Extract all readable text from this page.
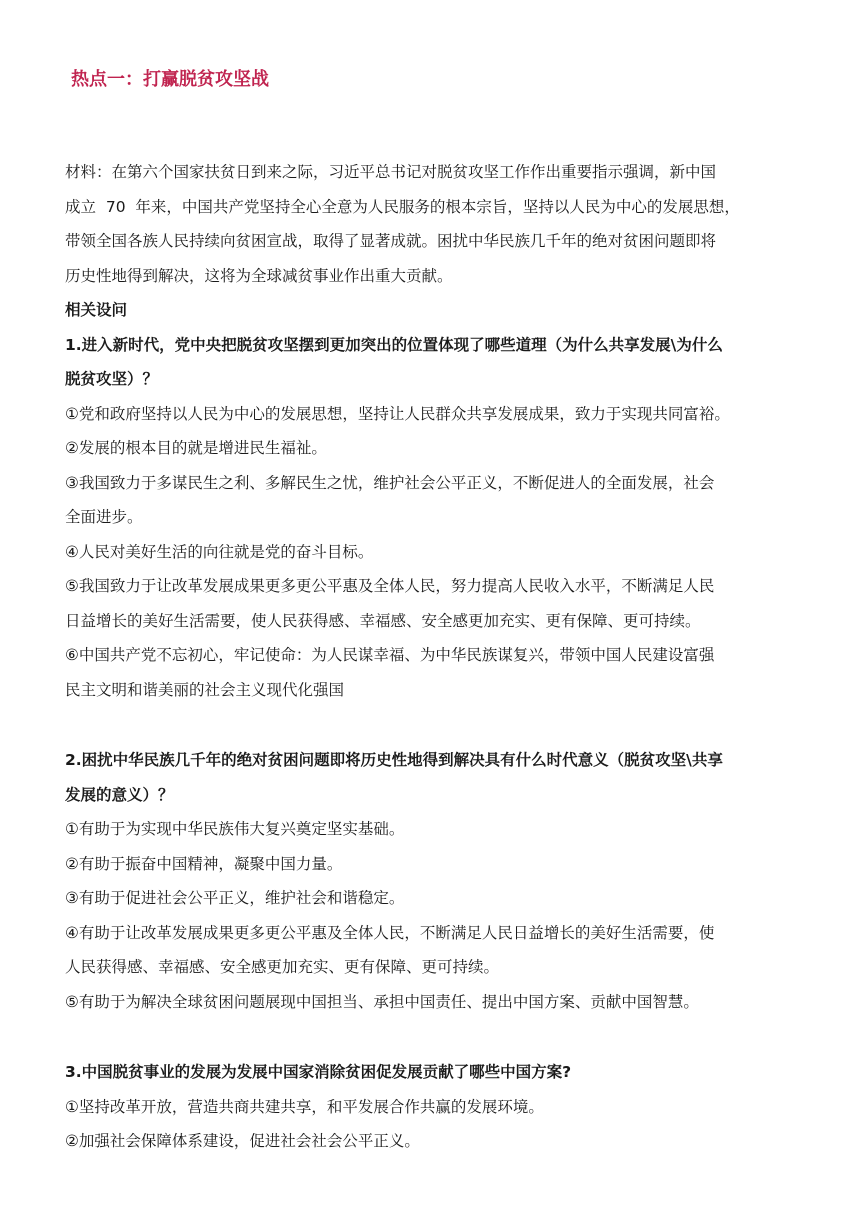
热点一：打赢脱贫攻坚战

材料：在第六个国家扶贫日到来之际，习近平总书记对脱贫攻坚工作作出重要指示强调，新中国

成立  70  年来，中国共产党坚持全心全意为人民服务的根本宗旨，坚持以人民为中心的发展思想，

带领全国各族人民持续向贫困宣战，取得了显著成就。困扰中华民族几千年的绝对贫困问题即将

历史性地得到解决，这将为全球减贫事业作出重大贡献。

相关设问

1.进入新时代，党中央把脱贫攻坚摆到更加突出的位置体现了哪些道理（为什么共享发展\为什么

脱贫攻坚）？

①党和政府坚持以人民为中心的发展思想，坚持让人民群众共享发展成果，致力于实现共同富裕。

②发展的根本目的就是增进民生福祉。

③我国致力于多谋民生之利、多解民生之忧，维护社会公平正义，不断促进人的全面发展，社会

全面进步。

④人民对美好生活的向往就是党的奋斗目标。

⑤我国致力于让改革发展成果更多更公平惠及全体人民，努力提高人民收入水平，不断满足人民

日益增长的美好生活需要，使人民获得感、幸福感、安全感更加充实、更有保障、更可持续。

⑥中国共产党不忘初心，牢记使命：为人民谋幸福、为中华民族谋复兴，带领中国人民建设富强

民主文明和谐美丽的社会主义现代化强国

2.困扰中华民族几千年的绝对贫困问题即将历史性地得到解决具有什么时代意义（脱贫攻坚\共享

发展的意义）？

①有助于为实现中华民族伟大复兴奠定坚实基础。

②有助于振奋中国精神，凝聚中国力量。

③有助于促进社会公平正义，维护社会和谐稳定。

④有助于让改革发展成果更多更公平惠及全体人民，不断满足人民日益增长的美好生活需要，使

人民获得感、幸福感、安全感更加充实、更有保障、更可持续。

⑤有助于为解决全球贫困问题展现中国担当、承担中国责任、提出中国方案、贡献中国智慧。

3.中国脱贫事业的发展为发展中国家消除贫困促发展贡献了哪些中国方案?

①坚持改革开放，营造共商共建共享，和平发展合作共赢的发展环境。

②加强社会保障体系建设，促进社会社会公平正义。
